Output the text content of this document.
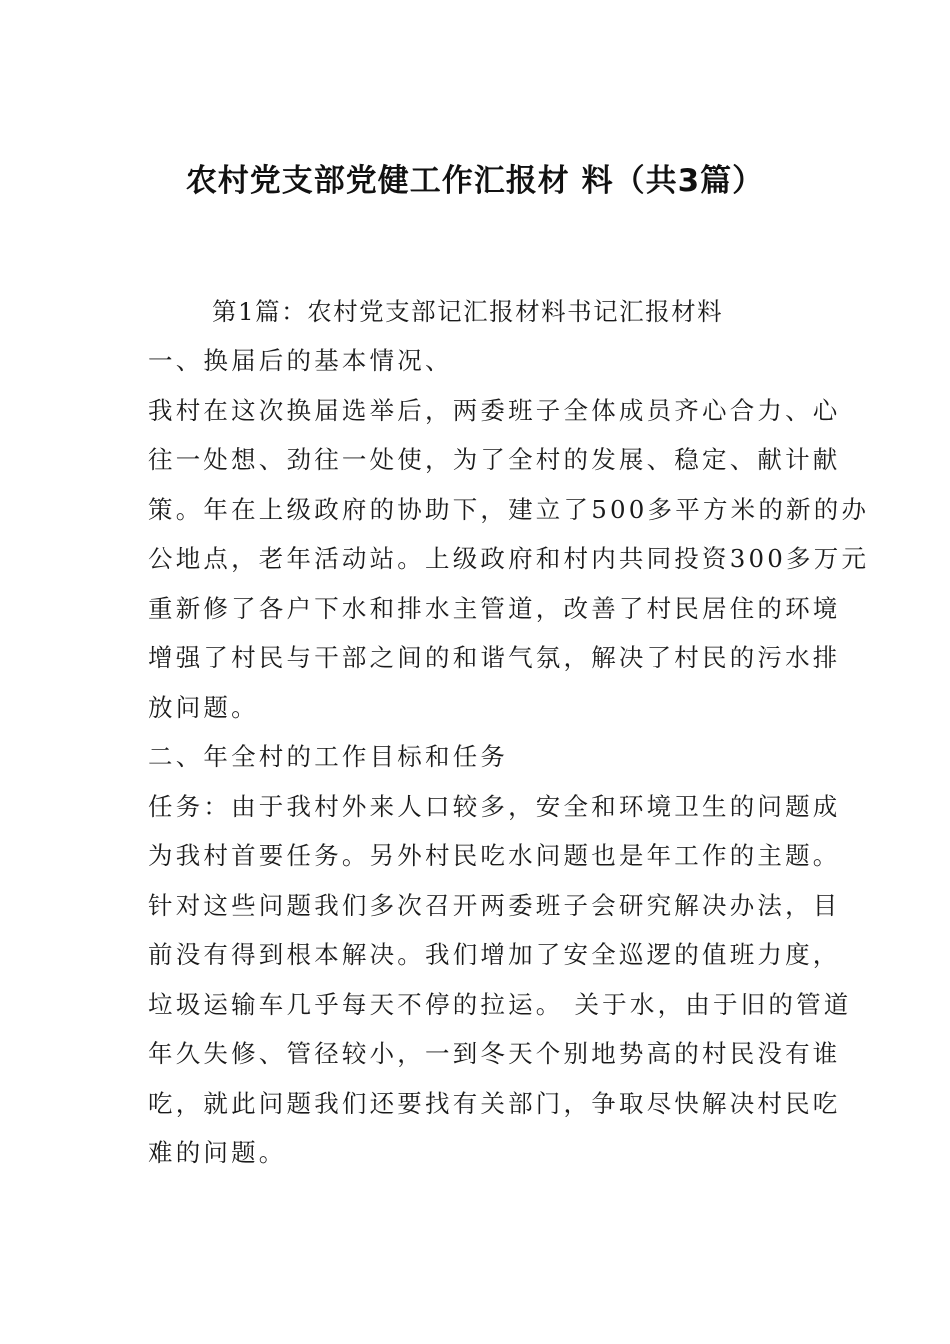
农村党支部党健工作汇报材 料（共3篇）
第1篇：农村党支部记汇报材料书记汇报材料
一、换届后的基本情况、
我村在这次换届选举后，两委班子全体成员齐心合力、心
往一处想、劲往一处使，为了全村的发展、稳定、献计献
策。年在上级政府的协助下，建立了500多平方米的新的办
公地点，老年活动站。上级政府和村内共同投资300多万元
重新修了各户下水和排水主管道，改善了村民居住的环境
增强了村民与干部之间的和谐气氛，解决了村民的污水排
放问题。
二、年全村的工作目标和任务
任务：由于我村外来人口较多，安全和环境卫生的问题成
为我村首要任务。另外村民吃水问题也是年工作的主题。
针对这些问题我们多次召开两委班子会研究解决办法，目
前没有得到根本解决。我们增加了安全巡逻的值班力度，
垃圾运输车几乎每天不停的拉运。 关于水，由于旧的管道
年久失修、管径较小，一到冬天个别地势高的村民没有谁
吃，就此问题我们还要找有关部门，争取尽快解决村民吃
难的问题。
